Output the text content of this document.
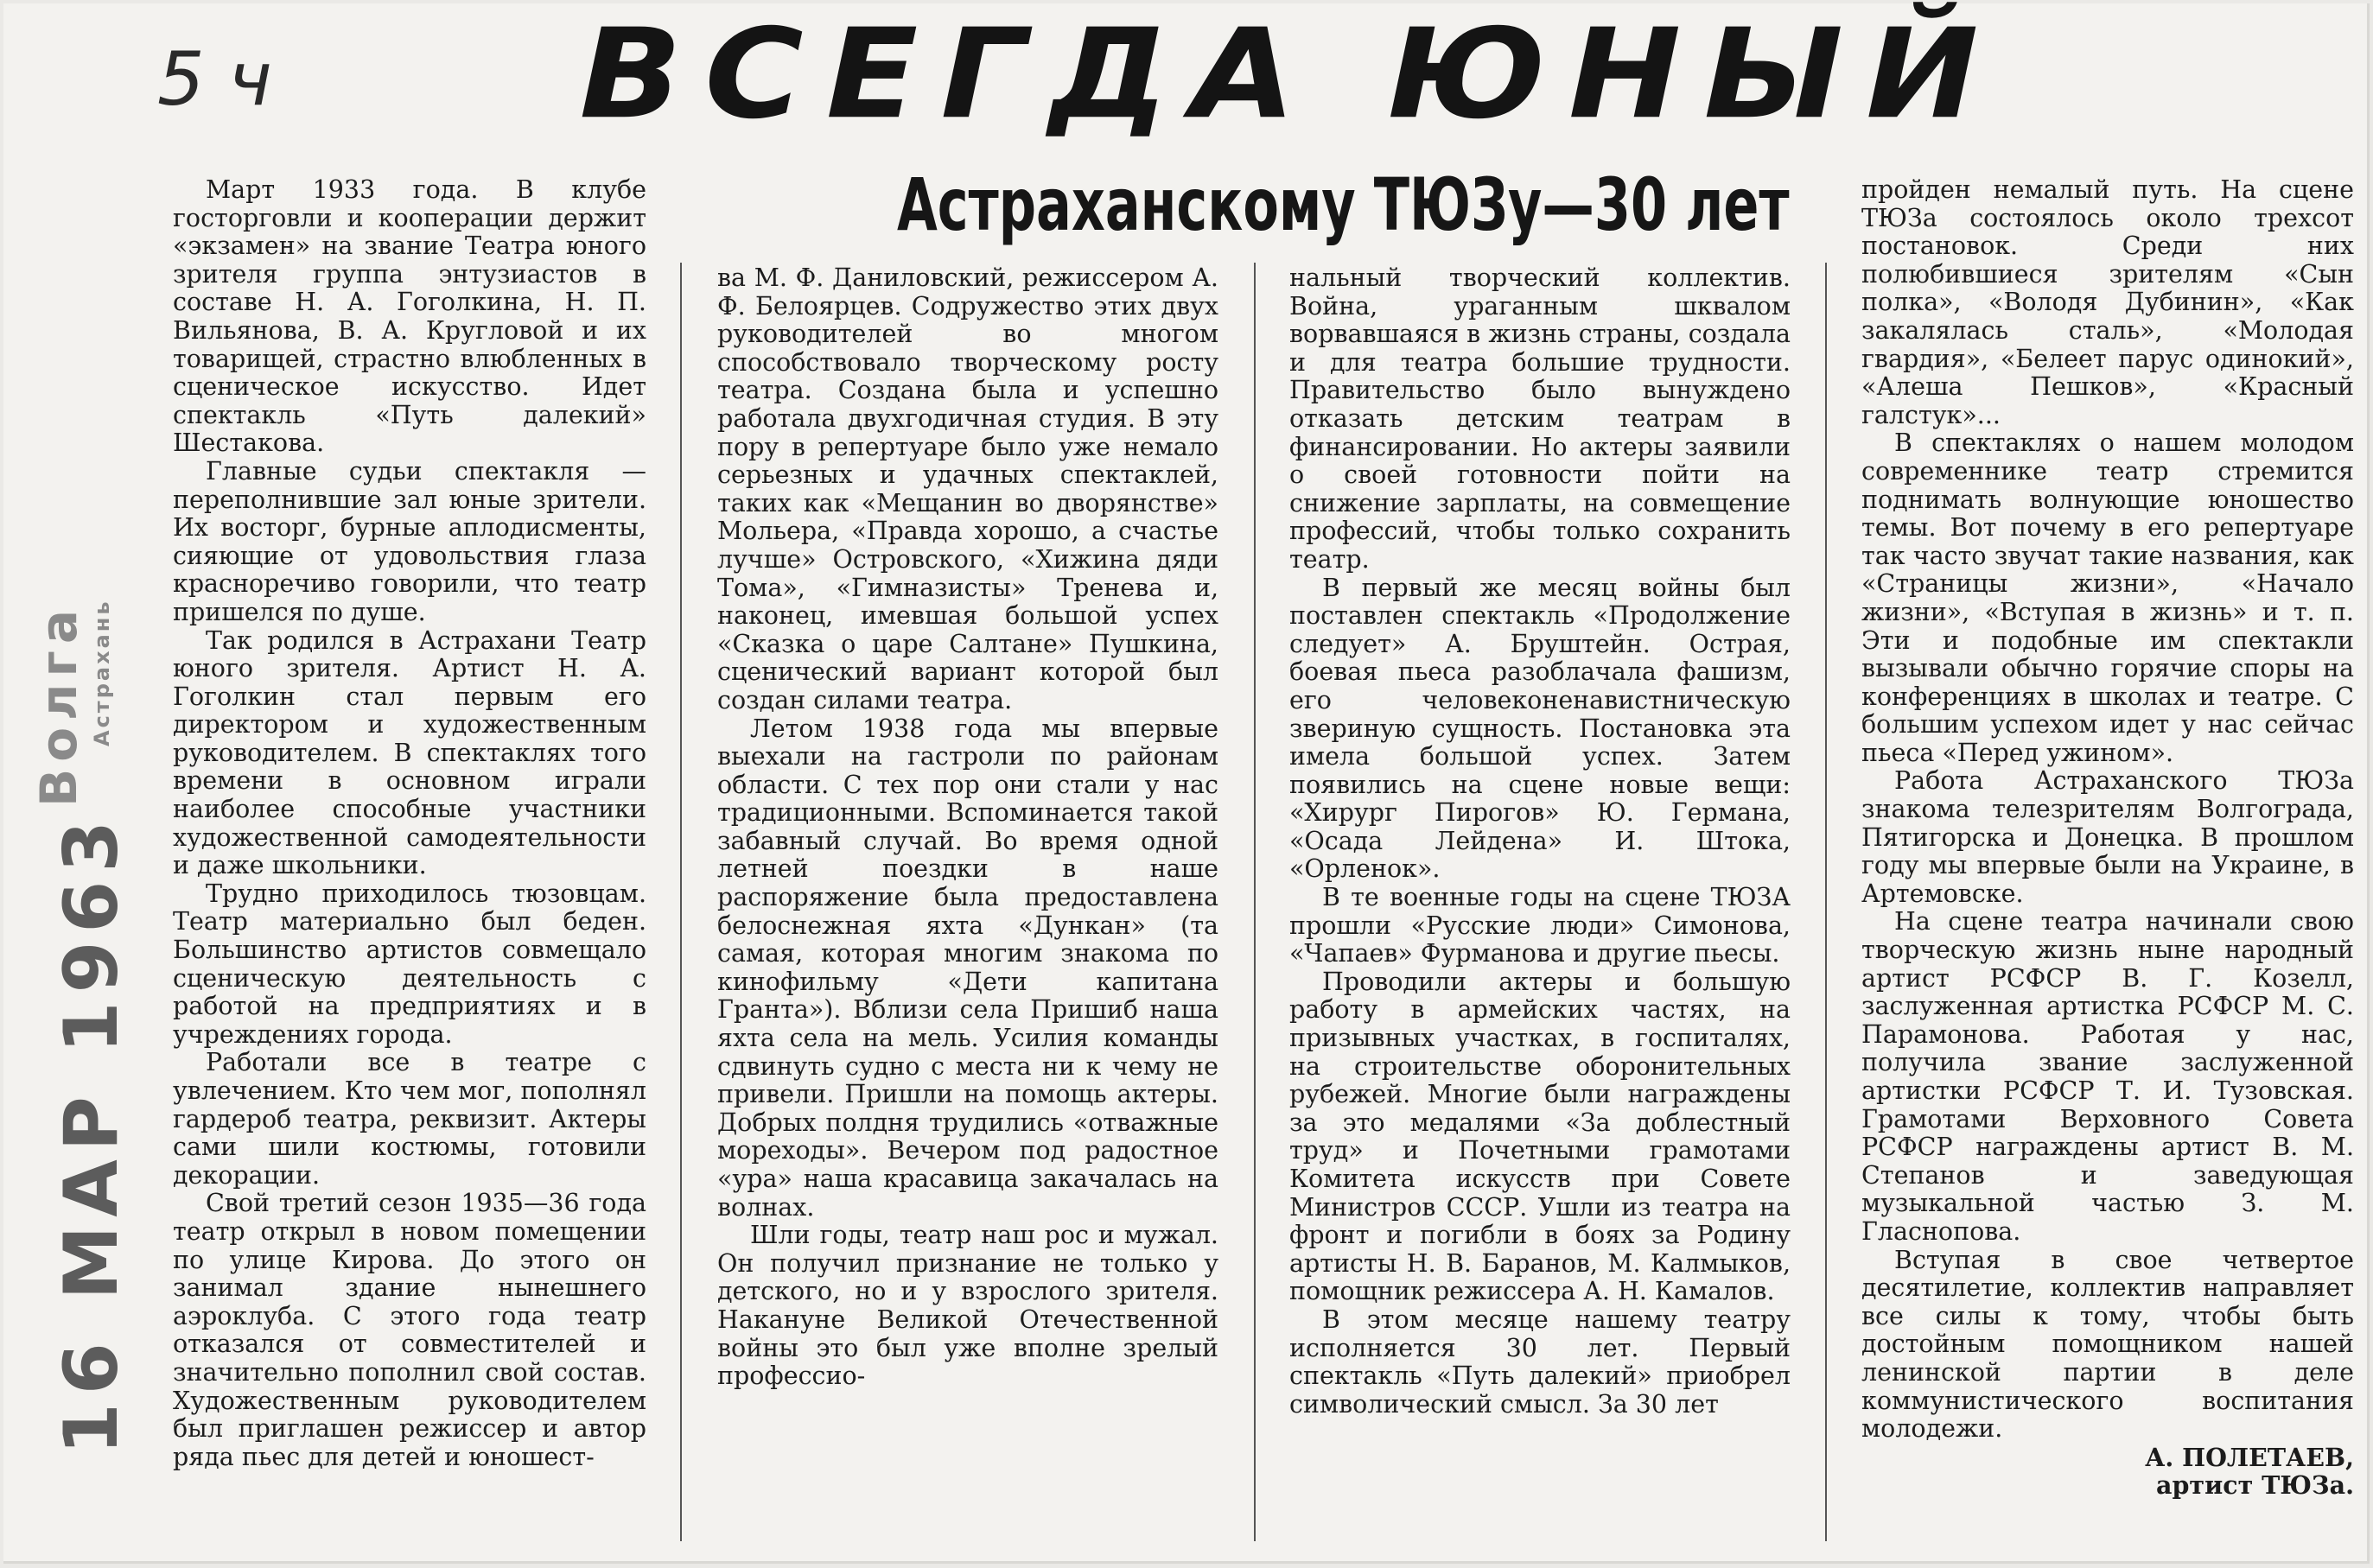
5 ч	ВСЕГДА ЮНЫЙ
Астраханскому ТЮЗу—30 лет
16 МАР 1963
Волга Астрахань

Март 1933 года. В клубе госторговли и кооперации держит «экзамен» на звание Театра юного зрителя группа энтузиастов в составе Н. А. Гоголкина, Н. П. Вильянова, В. А. Кругловой и их товарищей, страстно влюбленных в сценическое искусство. Идет спектакль «Путь далекий» Шестакова.

Главные судьи спектакля — переполнившие зал юные зрители. Их восторг, бурные аплодисменты, сияющие от удовольствия глаза красноречиво говорили, что театр пришелся по душе.

Так родился в Астрахани Театр юного зрителя. Артист Н. А. Гоголкин стал первым его директором и художественным руководителем. В спектаклях того времени в основном играли наиболее способные участники художественной самодеятельности и даже школьники.

Трудно приходилось тюзовцам. Театр материально был беден. Большинство артистов совмещало сценическую деятельность с работой на предприятиях и в учреждениях города.

Работали все в театре с увлечением. Кто чем мог, пополнял гардероб театра, реквизит. Актеры сами шили костюмы, готовили декорации.

Свой третий сезон 1935—36 года театр открыл в новом помещении по улице Кирова. До этого он занимал здание нынешнего аэроклуба. С этого года театр отказался от совместителей и значительно пополнил свой состав. Художественным руководителем был приглашен режиссер и автор ряда пьес для детей и юношест-

ва М. Ф. Даниловский, режиссером А. Ф. Белоярцев. Содружество этих двух руководителей во многом способствовало творческому росту театра. Создана была и успешно работала двухгодичная студия. В эту пору в репертуаре было уже немало серьезных и удачных спектаклей, таких как «Мещанин во дворянстве» Мольера, «Правда хорошо, а счастье лучше» Островского, «Хижина дяди Тома», «Гимназисты» Тренева и, наконец, имевшая большой успех «Сказка о царе Салтане» Пушкина, сценический вариант которой был создан силами театра.

Летом 1938 года мы впервые выехали на гастроли по районам области. С тех пор они стали у нас традиционными. Вспоминается такой забавный случай. Во время одной летней поездки в наше распоряжение была предоставлена белоснежная яхта «Дункан» (та самая, которая многим знакома по кинофильму «Дети капитана Гранта»). Вблизи села Пришиб наша яхта села на мель. Усилия команды сдвинуть судно с места ни к чему не привели. Пришли на помощь актеры. Добрых полдня трудились «отважные мореходы». Вечером под радостное «ура» наша красавица закачалась на волнах.

Шли годы, театр наш рос и мужал. Он получил признание не только у детского, но и у взрослого зрителя. Накануне Великой Отечественной войны это был уже вполне зрелый профессио-

нальный творческий коллектив. Война, ураганным шквалом ворвавшаяся в жизнь страны, создала и для театра большие трудности. Правительство было вынуждено отказать детским театрам в финансировании. Но актеры заявили о своей готовности пойти на снижение зарплаты, на совмещение профессий, чтобы только сохранить театр.

В первый же месяц войны был поставлен спектакль «Продолжение следует» А. Бруштейн. Острая, боевая пьеса разоблачала фашизм, его человеконенавистническую звериную сущность. Постановка эта имела большой успех. Затем появились на сцене новые вещи: «Хирург Пирогов» Ю. Германа, «Осада Лейдена» И. Штока, «Орленок».

В те военные годы на сцене ТЮЗА прошли «Русские люди» Симонова, «Чапаев» Фурманова и другие пьесы.

Проводили актеры и большую работу в армейских частях, на призывных участках, в госпиталях, на строительстве оборонительных рубежей. Многие были награждены за это медалями «За доблестный труд» и Почетными грамотами Комитета искусств при Совете Министров СССР. Ушли из театра на фронт и погибли в боях за Родину артисты Н. В. Баранов, М. Калмыков, помощник режиссера А. Н. Камалов.

В этом месяце нашему театру исполняется 30 лет. Первый спектакль «Путь далекий» приобрел символический смысл. За 30 лет

пройден немалый путь. На сцене ТЮЗа состоялось около трехсот постановок. Среди них полюбившиеся зрителям «Сын полка», «Володя Дубинин», «Как закалялась сталь», «Молодая гвардия», «Белеет парус одинокий», «Алеша Пешков», «Красный галстук»...

В спектаклях о нашем молодом современнике театр стремится поднимать волнующие юношество темы. Вот почему в его репертуаре так часто звучат такие названия, как «Страницы жизни», «Начало жизни», «Вступая в жизнь» и т. п. Эти и подобные им спектакли вызывали обычно горячие споры на конференциях в школах и театре. С большим успехом идет у нас сейчас пьеса «Перед ужином».

Работа Астраханского ТЮЗа знакома телезрителям Волгограда, Пятигорска и Донецка. В прошлом году мы впервые были на Украине, в Артемовске.

На сцене театра начинали свою творческую жизнь ныне народный артист РСФСР В. Г. Козелл, заслуженная артистка РСФСР М. С. Парамонова. Работая у нас, получила звание заслуженной артистки РСФСР Т. И. Тузовская. Грамотами Верховного Совета РСФСР награждены артист В. М. Степанов и заведующая музыкальной частью З. М. Гласнопова.

Вступая в свое четвертое десятилетие, коллектив направляет все силы к тому, чтобы быть достойным помощником нашей ленинской партии в деле коммунистического воспитания молодежи.

А. ПОЛЕТАЕВ,

артист ТЮЗа.
